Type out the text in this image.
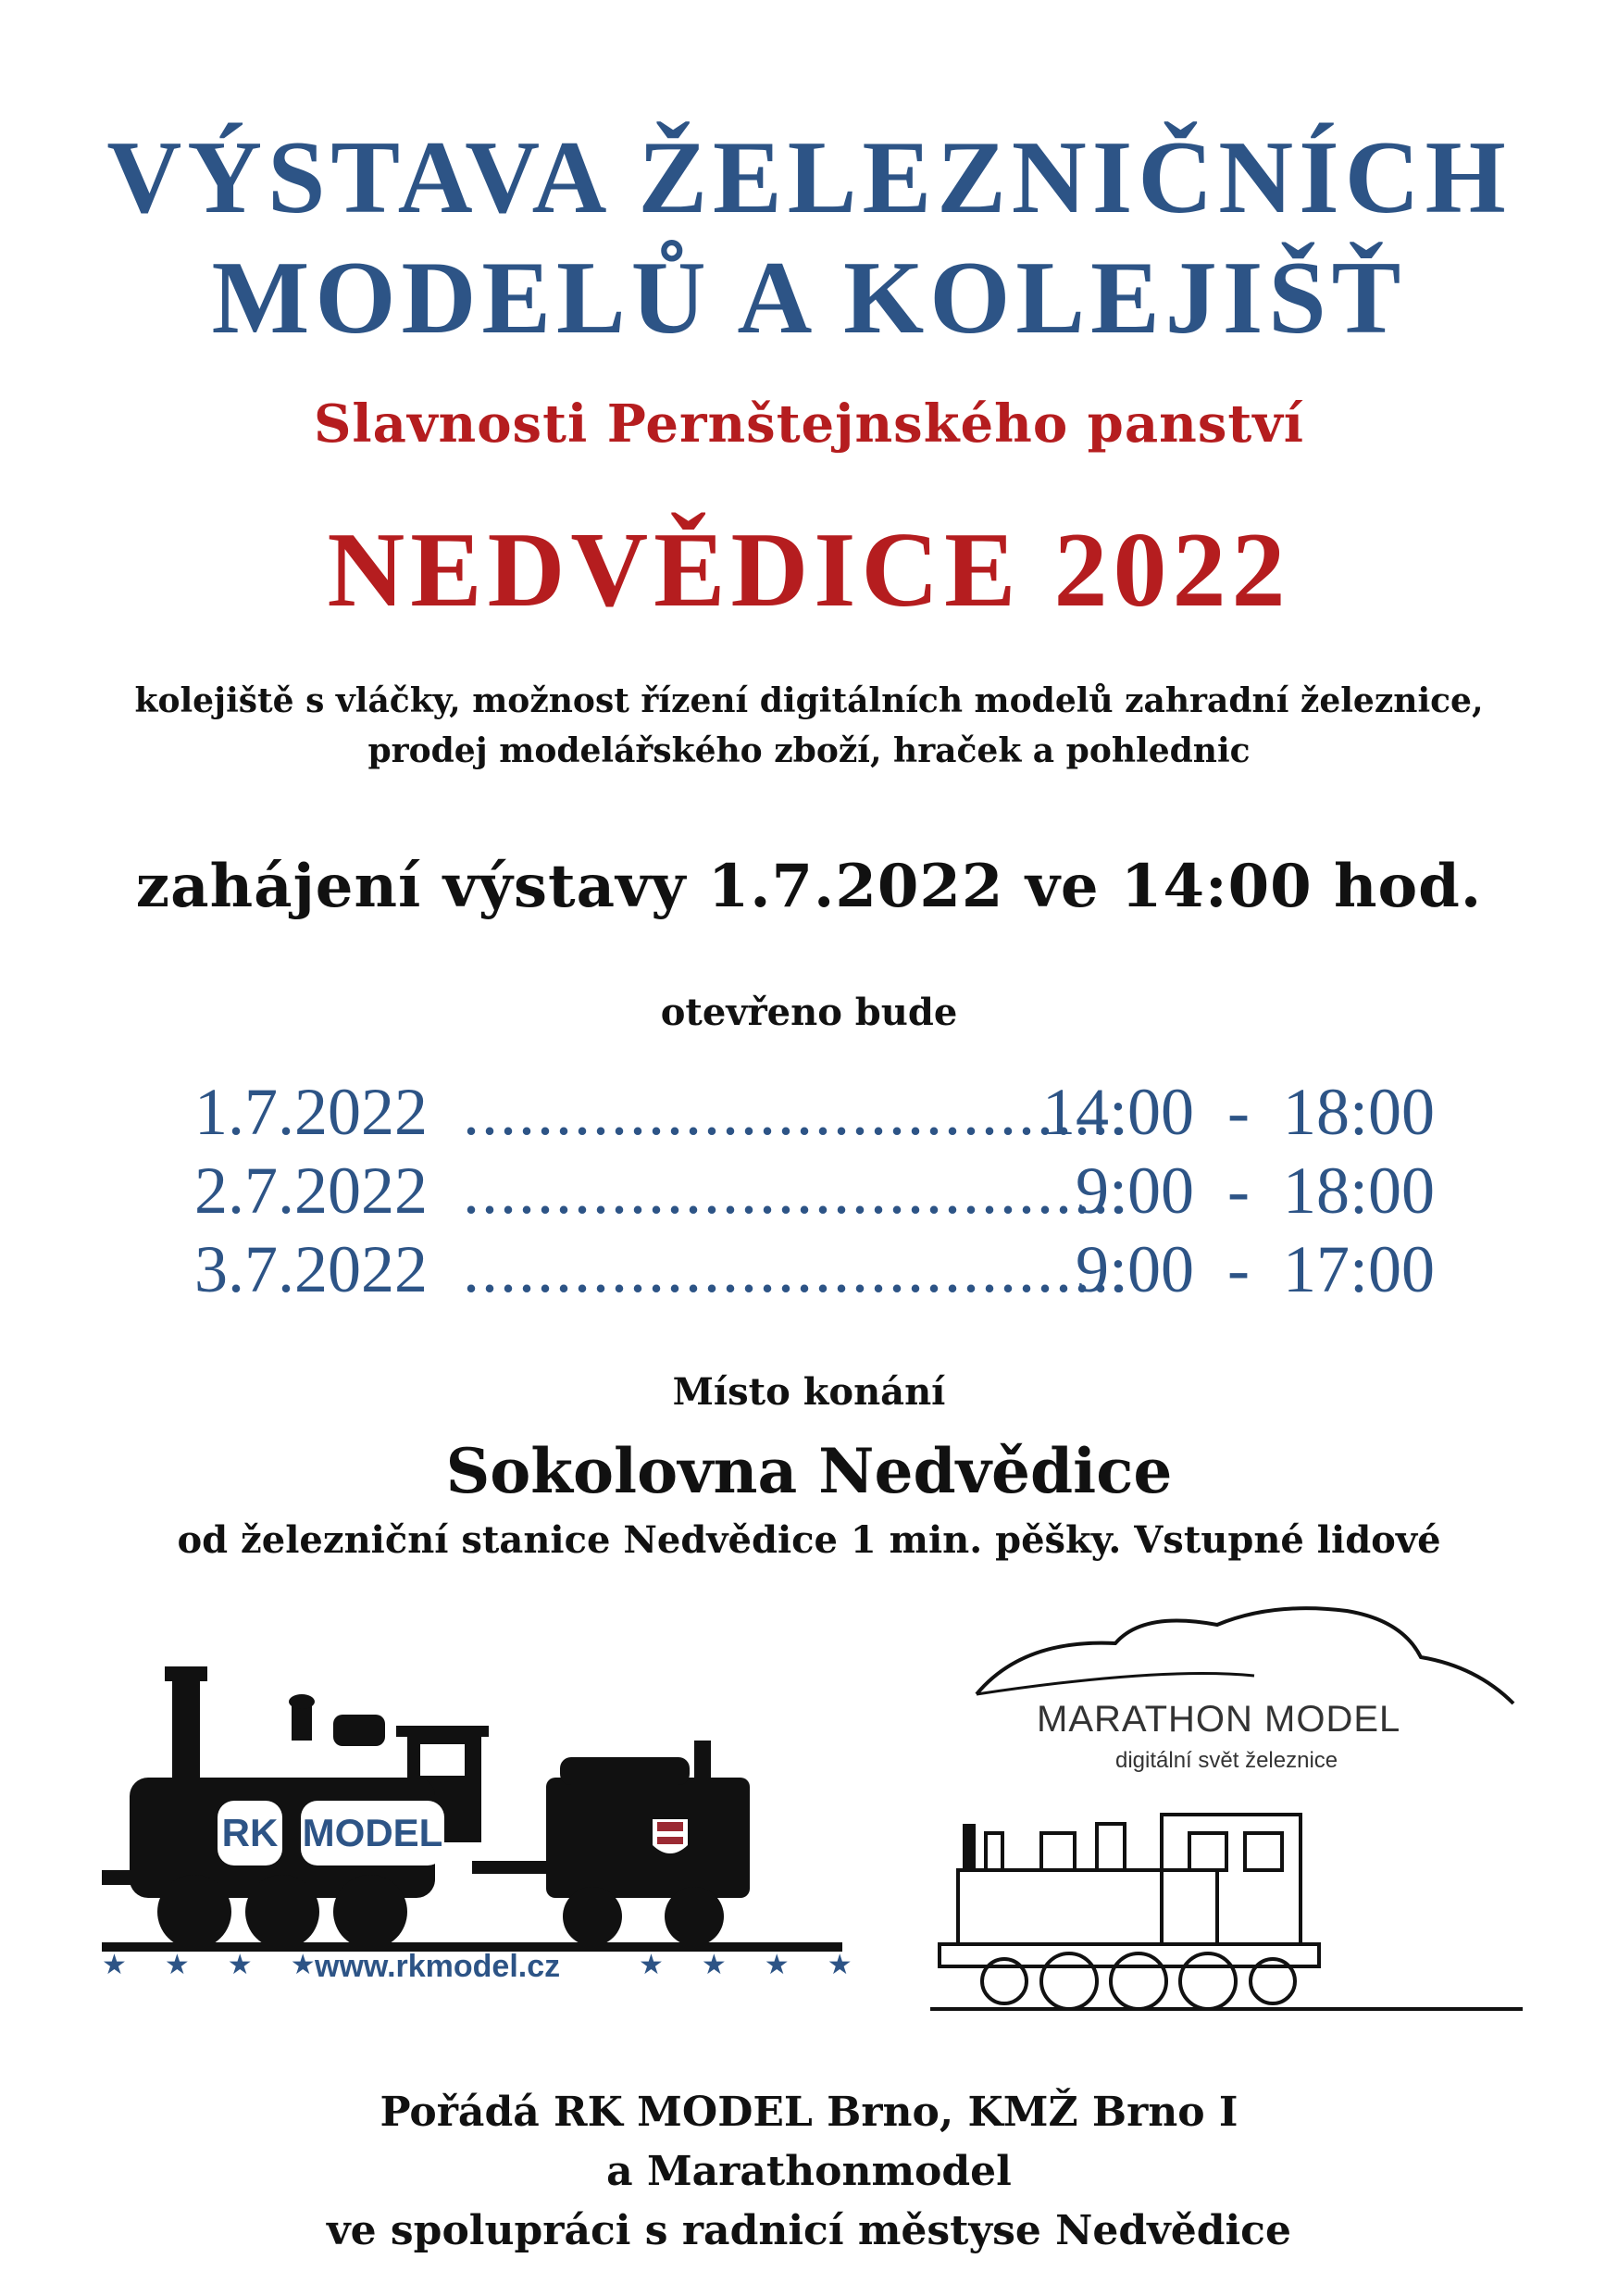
VÝSTAVA ŽELEZNIČNÍCH
MODELŮ A KOLEJIŠŤ
Slavnosti Pernštejnského panství
NEDVĚDICE 2022
kolejiště s vláčky, možnost řízení digitálních modelů zahradní železnice,
prodej modelářského zboží, hraček a pohlednic
zahájení výstavy 1.7.2022 ve 14:00 hod.
otevřeno bude
1.7.2022 ....................................
14:00  -  18:00
2.7.2022 ....................................
9:00  -  18:00
3.7.2022 ....................................
9:00  -  17:00
Místo konání
Sokolovna Nedvědice
od železniční stanice Nedvědice 1 min. pěšky. Vstupné lidové
RK MODEL
★   ★   ★   ★
www.rkmodel.cz	★   ★   ★   ★
MARATHON MODEL
digitální svět železnice
Pořádá RK MODEL Brno, KMŽ Brno I
a Marathonmodel
ve spolupráci s radnicí městyse Nedvědice
